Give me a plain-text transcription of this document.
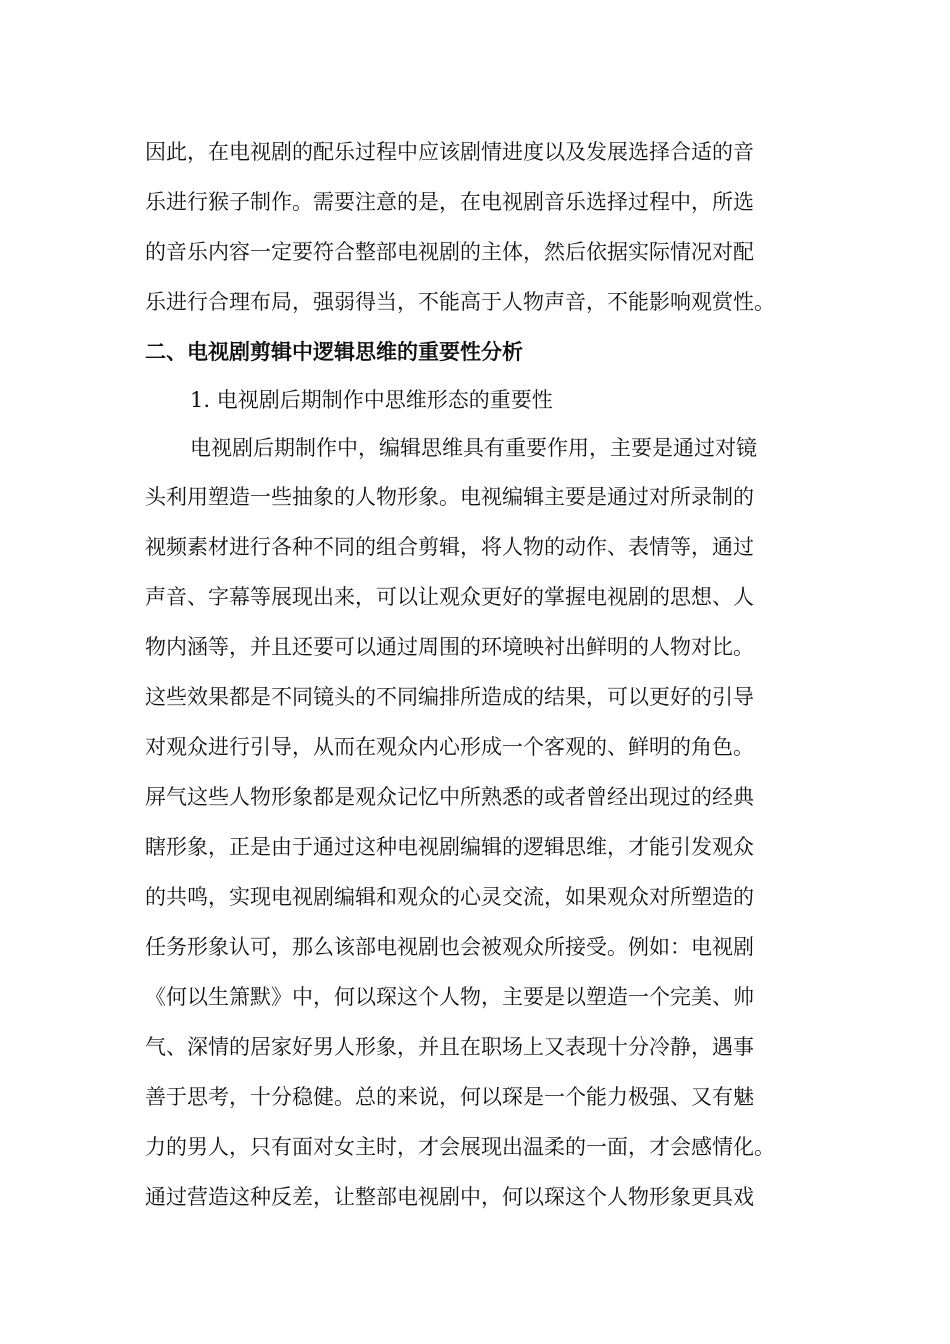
因此，在电视剧的配乐过程中应该剧情进度以及发展选择合适的音
乐进行猴子制作。需要注意的是，在电视剧音乐选择过程中，所选
的音乐内容一定要符合整部电视剧的主体，然后依据实际情况对配
乐进行合理布局，强弱得当，不能高于人物声音，不能影响观赏性。
二、电视剧剪辑中逻辑思维的重要性分析
1. 电视剧后期制作中思维形态的重要性
电视剧后期制作中，编辑思维具有重要作用，主要是通过对镜
头利用塑造一些抽象的人物形象。电视编辑主要是通过对所录制的
视频素材进行各种不同的组合剪辑，将人物的动作、表情等，通过
声音、字幕等展现出来，可以让观众更好的掌握电视剧的思想、人
物内涵等，并且还要可以通过周围的环境映衬出鲜明的人物对比。
这些效果都是不同镜头的不同编排所造成的结果，可以更好的引导
对观众进行引导，从而在观众内心形成一个客观的、鲜明的角色。
屏气这些人物形象都是观众记忆中所熟悉的或者曾经出现过的经典
瞎形象，正是由于通过这种电视剧编辑的逻辑思维，才能引发观众
的共鸣，实现电视剧编辑和观众的心灵交流，如果观众对所塑造的
任务形象认可，那么该部电视剧也会被观众所接受。例如：电视剧
《何以生箫默》中，何以琛这个人物，主要是以塑造一个完美、帅
气、深情的居家好男人形象，并且在职场上又表现十分冷静，遇事
善于思考，十分稳健。总的来说，何以琛是一个能力极强、又有魅
力的男人，只有面对女主时，才会展现出温柔的一面，才会感情化。
通过营造这种反差，让整部电视剧中，何以琛这个人物形象更具戏
